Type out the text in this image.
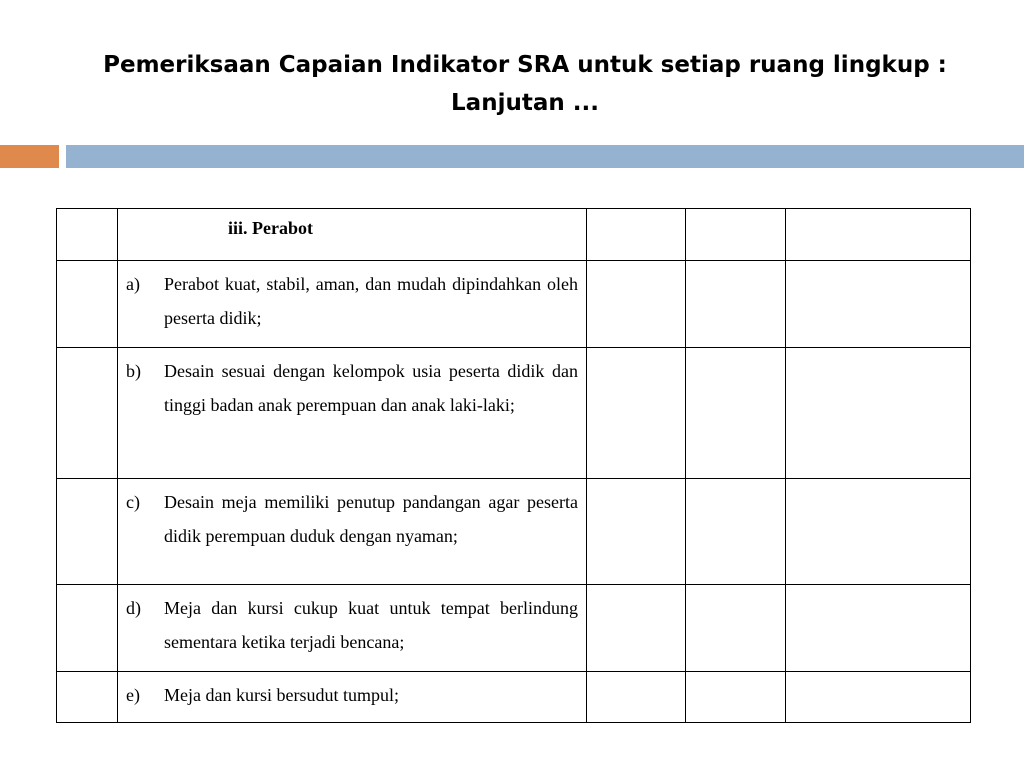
Pemeriksaan Capaian Indikator SRA untuk setiap ruang lingkup : Lanjutan ...

	iii. Perabot			

	a) Perabot kuat, stabil, aman, dan mudah dipindahkan oleh peserta didik;			

	b) Desain sesuai dengan kelompok usia peserta didik dan tinggi badan anak perempuan dan anak laki-laki;			

	c) Desain meja memiliki penutup pandangan agar peserta didik perempuan duduk dengan nyaman;			

	d) Meja dan kursi cukup kuat untuk tempat berlindung sementara ketika terjadi bencana;			

	e) Meja dan kursi bersudut tumpul;			
